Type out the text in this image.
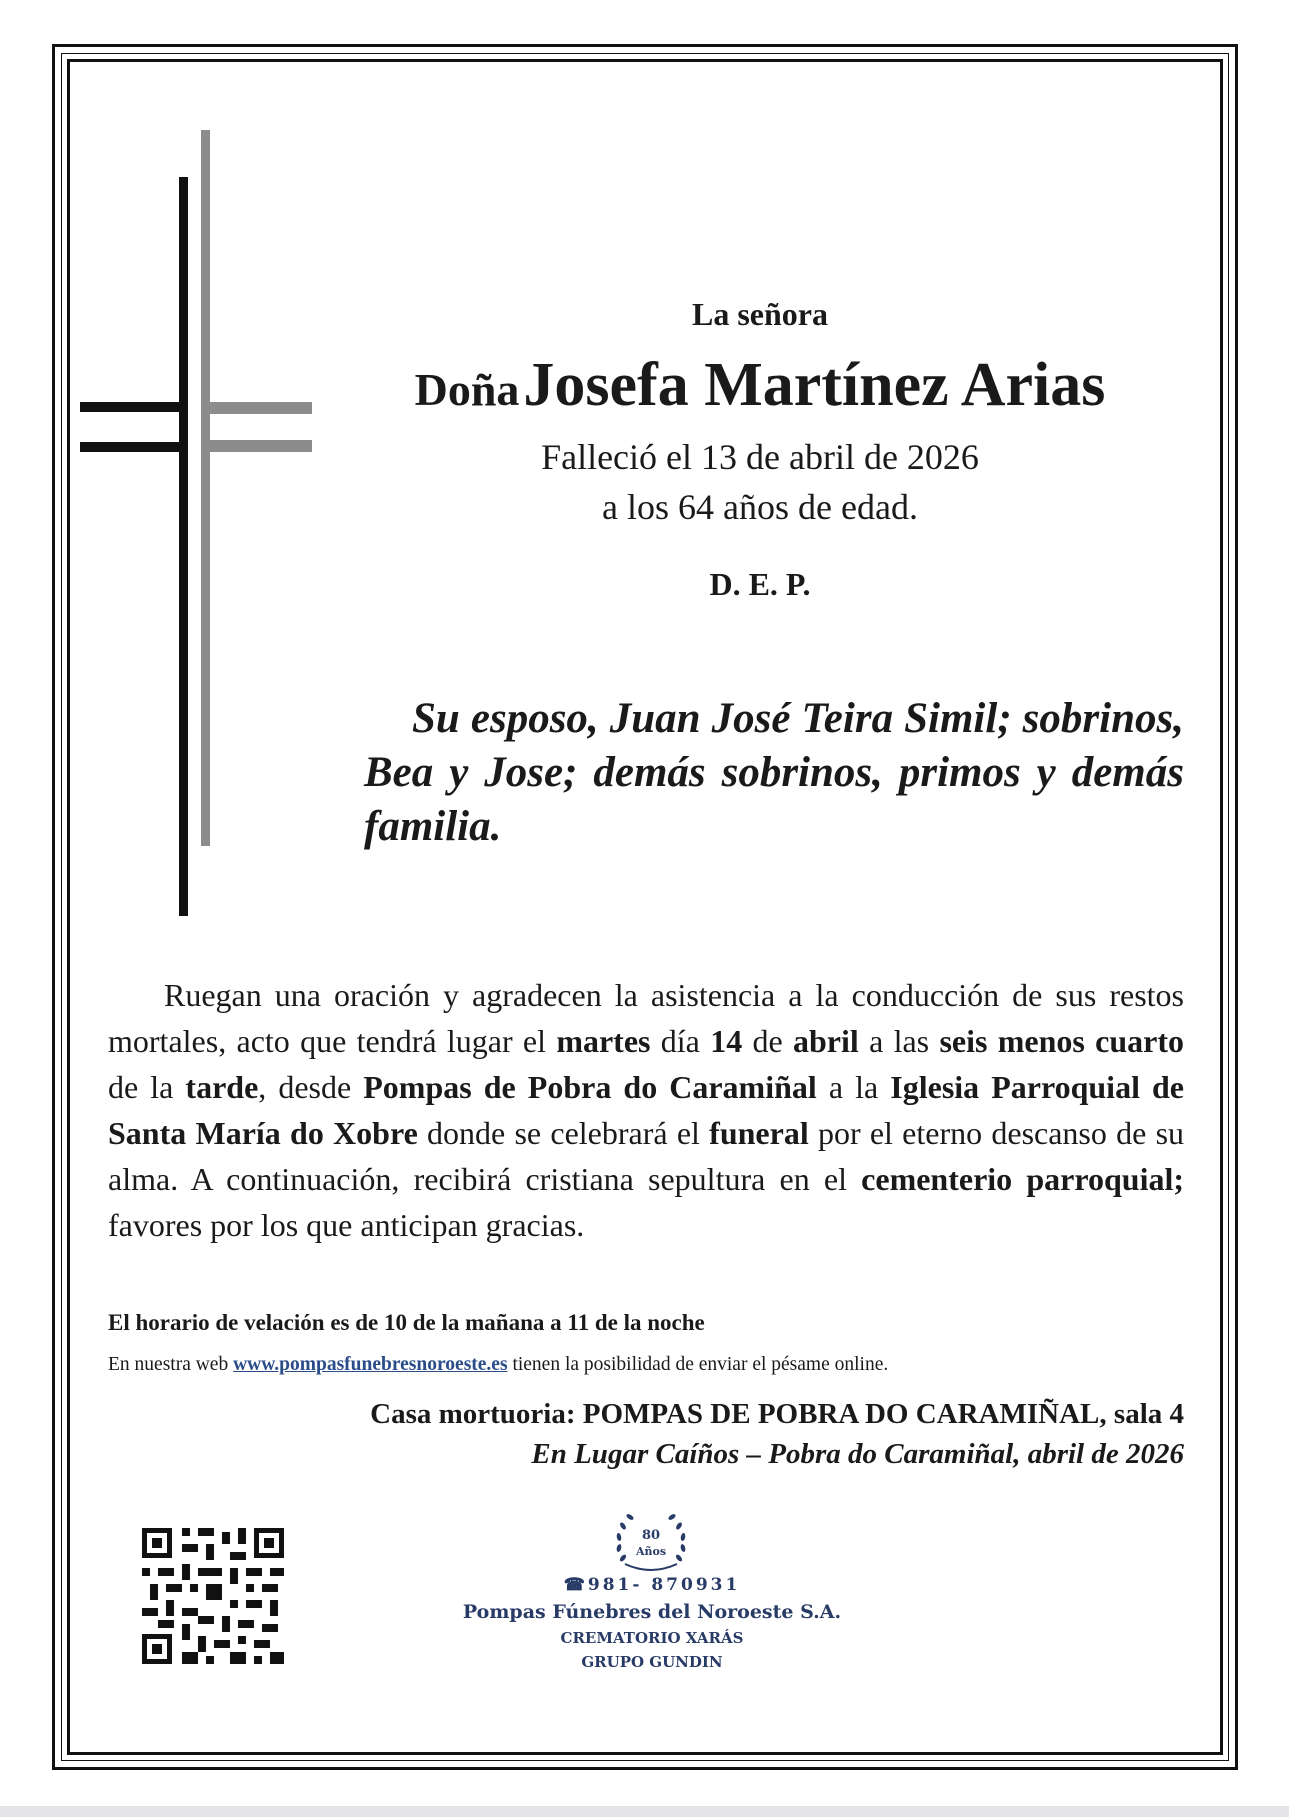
La señora
Doña Josefa Martínez Arias
Falleció el 13 de abril de 2026
a los 64 años de edad.
D. E. P.
Su esposo, Juan José Teira Simil; sobrinos, Bea y Jose; demás sobrinos, primos y demás familia.
Ruegan una oración y agradecen la asistencia a la conducción de sus restos mortales, acto que tendrá lugar el martes día 14 de abril a las seis menos cuarto de la tarde, desde Pompas de Pobra do Caramiñal a la Iglesia Parroquial de Santa María do Xobre donde se celebrará el funeral por el eterno descanso de su alma. A continuación, recibirá cristiana sepultura en el cementerio parroquial; favores por los que anticipan gracias.
El horario de velación es de 10 de la mañana a 11 de la noche
En nuestra web www.pompasfunebresnoroeste.es tienen la posibilidad de enviar el pésame online.
Casa mortuoria: POMPAS DE POBRA DO CARAMIÑAL, sala 4
En Lugar Caíños – Pobra do Caramiñal, abril de 2026
80
Años
☎981- 870931
Pompas Fúnebres del Noroeste S.A.
CREMATORIO XARÁS
GRUPO GUNDIN
